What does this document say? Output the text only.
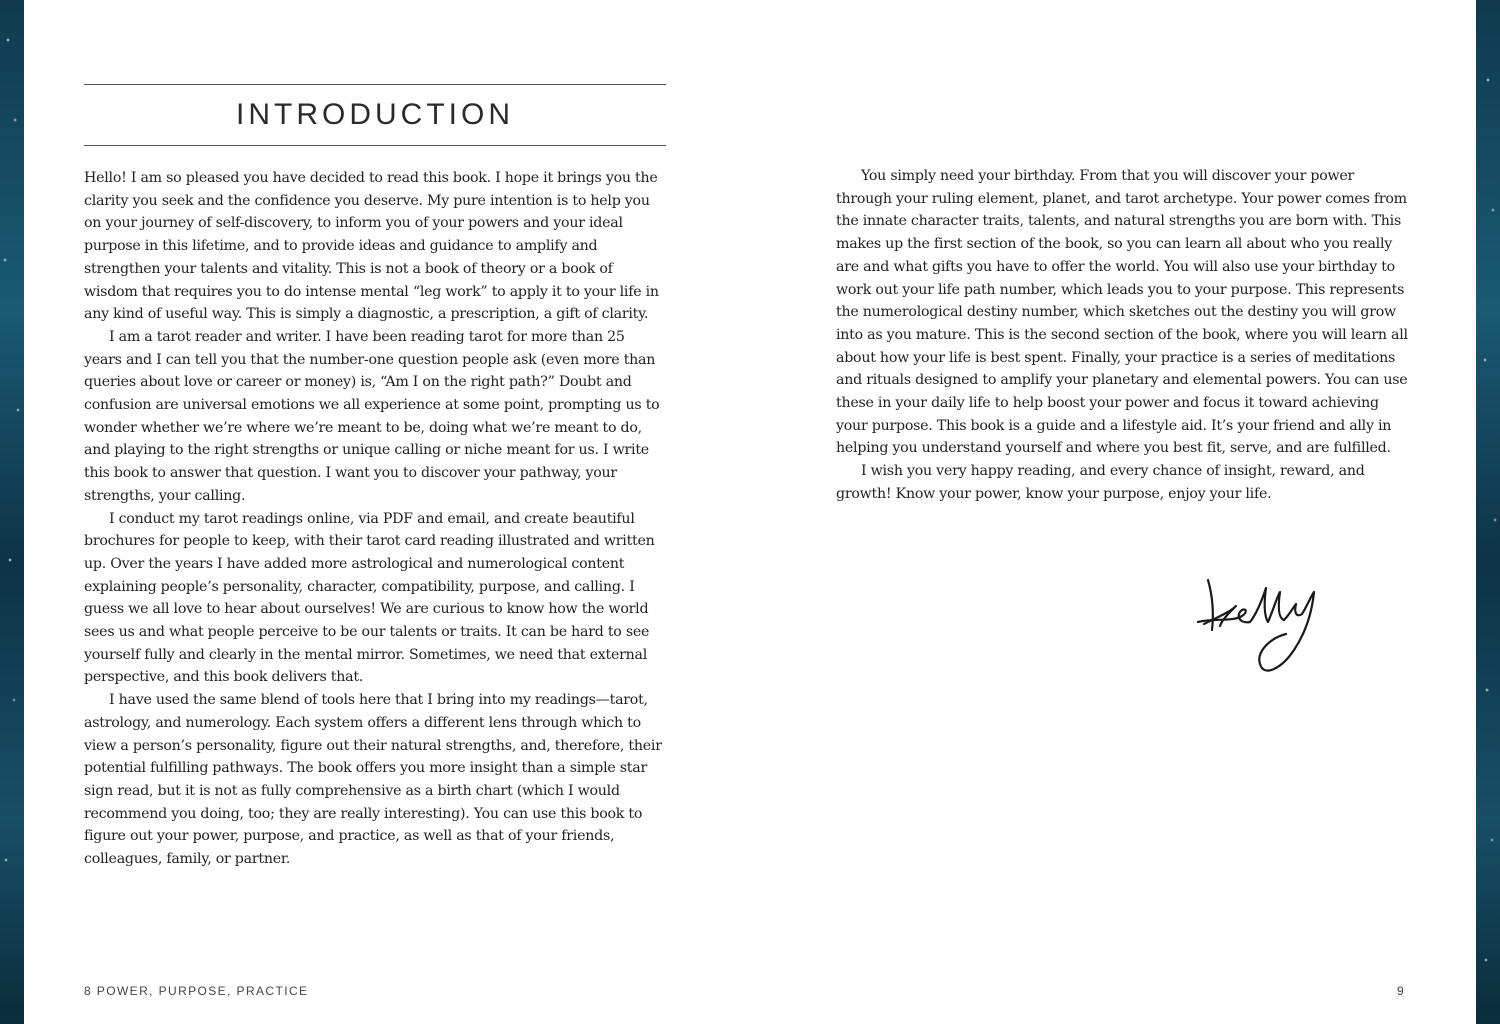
INTRODUCTION

Hello! I am so pleased you have decided to read this book. I hope it brings you the clarity you seek and the confidence you deserve. My pure intention is to help you on your journey of self-discovery, to inform you of your powers and your ideal purpose in this lifetime, and to provide ideas and guidance to amplify and strengthen your talents and vitality. This is not a book of theory or a book of wisdom that requires you to do intense mental “leg work” to apply it to your life in any kind of useful way. This is simply a diagnostic, a prescription, a gift of clarity.

I am a tarot reader and writer. I have been reading tarot for more than 25 years and I can tell you that the number-one question people ask (even more than queries about love or career or money) is, “Am I on the right path?” Doubt and confusion are universal emotions we all experience at some point, prompting us to wonder whether we’re where we’re meant to be, doing what we’re meant to do, and playing to the right strengths or unique calling or niche meant for us. I write this book to answer that question. I want you to discover your pathway, your strengths, your calling.

I conduct my tarot readings online, via PDF and email, and create beautiful brochures for people to keep, with their tarot card reading illustrated and written up. Over the years I have added more astrological and numerological content explaining people’s personality, character, compatibility, purpose, and calling. I guess we all love to hear about ourselves! We are curious to know how the world sees us and what people perceive to be our talents or traits. It can be hard to see yourself fully and clearly in the mental mirror. Sometimes, we need that external perspective, and this book delivers that.

I have used the same blend of tools here that I bring into my readings—tarot, astrology, and numerology. Each system offers a different lens through which to view a person’s personality, figure out their natural strengths, and, therefore, their potential fulfilling pathways. The book offers you more insight than a simple star sign read, but it is not as fully comprehensive as a birth chart (which I would recommend you doing, too; they are really interesting). You can use this book to figure out your power, purpose, and practice, as well as that of your friends, colleagues, family, or partner.

8 POWER, PURPOSE, PRACTICE

You simply need your birthday. From that you will discover your power through your ruling element, planet, and tarot archetype. Your power comes from the innate character traits, talents, and natural strengths you are born with. This makes up the first section of the book, so you can learn all about who you really are and what gifts you have to offer the world. You will also use your birthday to work out your life path number, which leads you to your purpose. This represents the numerological destiny number, which sketches out the destiny you will grow into as you mature. This is the second section of the book, where you will learn all about how your life is best spent. Finally, your practice is a series of meditations and rituals designed to amplify your planetary and elemental powers. You can use these in your daily life to help boost your power and focus it toward achieving your purpose. This book is a guide and a lifestyle aid. It’s your friend and ally in helping you understand yourself and where you best fit, serve, and are fulfilled.

I wish you very happy reading, and every chance of insight, reward, and growth! Know your power, know your purpose, enjoy your life.

9
